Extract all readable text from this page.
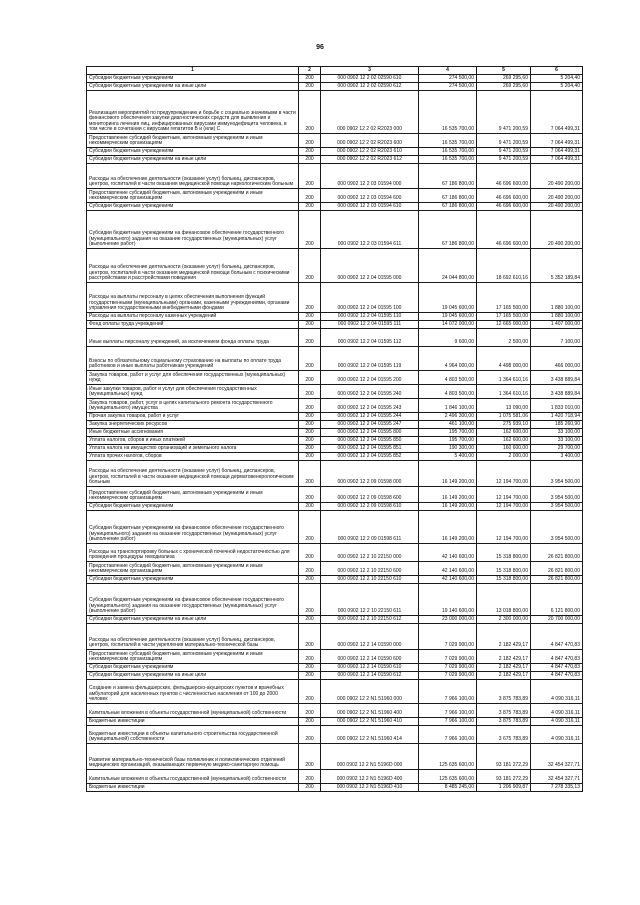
96
1	2	3	4	5	6
Субсидии бюджетным учреждениям	200	000 0902 12 2 02 02590 610	274 500,00	269 295,60	5 204,40
Субсидии бюджетным учреждениям на иные цели	200	000 0902 12 2 02 02590 612	274 500,00	269 295,60	5 204,40
Реализация мероприятий по предупреждению и борьбе с социально значимыми в части финансового обеспечения закупки диагностических средств для выявления и мониторинга лечения лиц, инфицированных вирусами иммунодефицита человека, в том числе в сочетании с вирусами гепатитов В и (или) С	200	000 0902 12 2 02 R2023 000	16 535 700,00	9 471 200,59	7 064 499,31
Предоставление субсидий бюджетным, автономным учреждениям и иным некоммерческим организациям	200	000 0902 12 2 02 R2023 600	16 535 700,00	9 471 200,59	7 064 499,31
Субсидии бюджетным учреждениям	200	000 0902 12 2 02 R2023 610	16 535 700,00	9 471 200,59	7 064 499,31
Субсидии бюджетным учреждениям на иные цели	200	000 0902 12 2 02 R2023 612	16 535 700,00	9 471 200,59	7 064 499,31
Расходы на обеспечение деятельности (оказание услуг) больниц, диспансеров, центров, госпиталей в части оказания медицинской помощи наркологическим больным	200	000 0902 12 2 03 01594 000	67 186 800,00	46 696 600,00	20 490 200,00
Предоставление субсидий бюджетным, автономным учреждениям и иным некоммерческим организациям	200	000 0902 12 2 03 01594 600	67 186 800,00	46 696 600,00	20 490 200,00
Субсидии бюджетным учреждениям	200	000 0902 12 2 03 01594 610	67 186 800,00	46 696 600,00	20 490 200,00
Субсидии бюджетным учреждениям на финансовое обеспечение государственного (муниципального) задания на оказание государственных (муниципальных) услуг (выполнение работ)	200	000 0902 12 2 03 01594 611	67 186 800,00	46 696 600,00	20 490 200,00
Расходы на обеспечение деятельности (оказание услуг) больниц, диспансеров, центров, госпиталей в части оказания медицинской помощи больным с психическими расстройствами и расстройствами поведения	200	000 0902 12 2 04 01595 000	24 044 800,00	18 692 610,16	5 352 189,84
Расходы на выплаты персоналу в целях обеспечения выполнения функций государственными (муниципальными) органами, казенными учреждениями, органами управления государственными внебюджетными фондами	200	000 0902 12 2 04 01595 100	19 045 600,00	17 165 500,00	1 880 100,00
Расходы на выплаты персоналу казенных учреждений	200	000 0902 12 2 04 01595 110	19 045 600,00	17 165 500,00	1 880 100,00
Фонд оплаты труда учреждений	200	000 0902 12 2 04 01595 111	14 072 000,00	12 665 000,00	1 407 000,00
Иные выплаты персоналу учреждений, за исключением фонда оплаты труда	200	000 0902 12 2 04 01595 112	9 600,00	2 500,00	7 100,00
Взносы по обязательному социальному страхованию на выплаты по оплате труда работников и иные выплаты работникам учреждений	200	000 0902 12 2 04 01595 119	4 964 000,00	4 498 000,00	466 000,00
Закупка товаров, работ и услуг для обеспечения государственных (муниципальных) нужд	200	000 0902 12 2 04 01595 200	4 803 500,00	1 364 610,16	3 438 889,84
Иные закупки товаров, работ и услуг для обеспечения государственных (муниципальных) нужд	200	000 0902 12 2 04 01595 240	4 803 500,00	1 364 610,16	3 438 889,84
Закупка товаров, работ, услуг в целях капитального ремонта государственного (муниципального) имущества	200	000 0902 12 2 04 01595 243	1 846 100,00	13 090,00	1 833 010,00
Прочая закупка товаров, работ и услуг	200	000 0902 12 2 04 01595 244	2 496 300,00	1 075 581,06	1 420 718,94
Закупка энергетических ресурсов	200	000 0902 12 2 04 01595 247	461 100,00	275 939,10	185 260,90
Иные бюджетные ассигнования	200	000 0902 12 2 04 01595 800	195 700,00	162 600,00	33 100,00
Уплата налогов, сборов и иных платежей	200	000 0902 12 2 04 01595 850	195 700,00	162 600,00	33 100,00
Уплата налога на имущество организаций и земельного налога	200	000 0902 12 2 04 01595 851	190 300,00	160 600,00	29 700,00
Уплата прочих налогов, сборов	200	000 0902 12 2 04 01595 852	5 400,00	2 000,00	3 400,00
Расходы на обеспечение деятельности (оказание услуг) больниц, диспансеров, центров, госпиталей в части оказания медицинской помощи дерматовенерологическим больным	200	000 0902 12 2 09 01598 000	16 149 200,00	12 194 700,00	3 954 500,00
Предоставление субсидий бюджетным, автономным учреждениям и иным некоммерческим организациям	200	000 0902 12 2 09 01598 600	16 149 200,00	12 194 700,00	3 954 500,00
Субсидии бюджетным учреждениям	200	000 0902 12 2 09 01598 610	16 149 200,00	12 194 700,00	3 954 500,00
Субсидии бюджетным учреждениям на финансовое обеспечение государственного (муниципального) задания на оказание государственных (муниципальных) услуг (выполнение работ)	200	000 0902 12 2 09 01598 611	16 149 200,00	12 194 700,00	3 954 500,00
Расходы на транспортировку больных с хронической почечной недостаточностью для проведения процедуры гемодиализа	200	000 0902 12 2 10 22150 000	42 140 600,00	15 318 800,00	26 821 800,00
Предоставление субсидий бюджетным, автономным учреждениям и иным некоммерческим организациям	200	000 0902 12 2 10 22150 600	42 140 600,00	15 318 800,00	26 821 800,00
Субсидии бюджетным учреждениям	200	000 0902 12 2 10 22150 610	42 140 600,00	15 318 800,00	26 821 800,00
Субсидии бюджетным учреждениям на финансовое обеспечение государственного (муниципального) задания на оказание государственных (муниципальных) услуг (выполнение работ)	200	000 0902 12 2 10 22150 611	19 140 600,00	13 018 800,00	6 121 800,00
Субсидии бюджетным учреждениям на иные цели	200	000 0902 12 2 10 22150 612	23 000 000,00	2 300 000,00	20 700 000,00
Расходы на обеспечение деятельности (оказание услуг) больниц, диспансеров, центров, госпиталей в части укрепления материально-технической базы	200	000 0902 12 2 14 01590 000	7 029 900,00	2 182 429,17	4 847 470,83
Предоставление субсидий бюджетным, автономным учреждениям и иным некоммерческим организациям	200	000 0902 12 2 14 01590 600	7 029 900,00	2 182 429,17	4 847 470,83
Субсидии бюджетным учреждениям	200	000 0902 12 2 14 01590 610	7 029 900,00	2 182 429,17	4 847 470,83
Субсидии бюджетным учреждениям на иные цели	200	000 0902 12 2 14 01590 612	7 029 900,00	2 182 429,17	4 847 470,83
Создание и замена фельдшерских, фельдшерско-акушерских пунктов и врачебных амбулаторий для населенных пунктов с численностью населения от 100 до 2000 человек	200	000 0902 12 2 N1 51960 000	7 966 100,00	3 875 783,89	4 090 316,11
Капитальные вложения в объекты государственной (муниципальной) собственности	200	000 0902 12 2 N1 51960 400	7 966 100,00	3 875 783,89	4 090 316,11
Бюджетные инвестиции	200	000 0902 12 2 N1 51960 410	7 966 100,00	3 875 783,89	4 090 316,11
Бюджетные инвестиции в объекты капитального строительства государственной (муниципальной) собственности	200	000 0902 12 2 N1 51960 414	7 966 100,00	3 675 783,89	4 090 316,11
Развитие материально-технической базы поликлиник и поликлинических отделений медицинских организаций, оказывающих первичную медико-санитарную помощь	200	000 0902 12 2 N1 5196D 000	125 635 600,00	93 181 272,29	32 454 327,71
Капитальные вложения в объекты государственной (муниципальной) собственности	200	000 0902 12 2 N1 5196D 400	125 635 600,00	93 181 272,29	32 454 327,71
Бюджетные инвестиции	200	000 0902 12 2 N1 5196D 410	8 485 245,00	1 206 909,87	7 278 335,13
